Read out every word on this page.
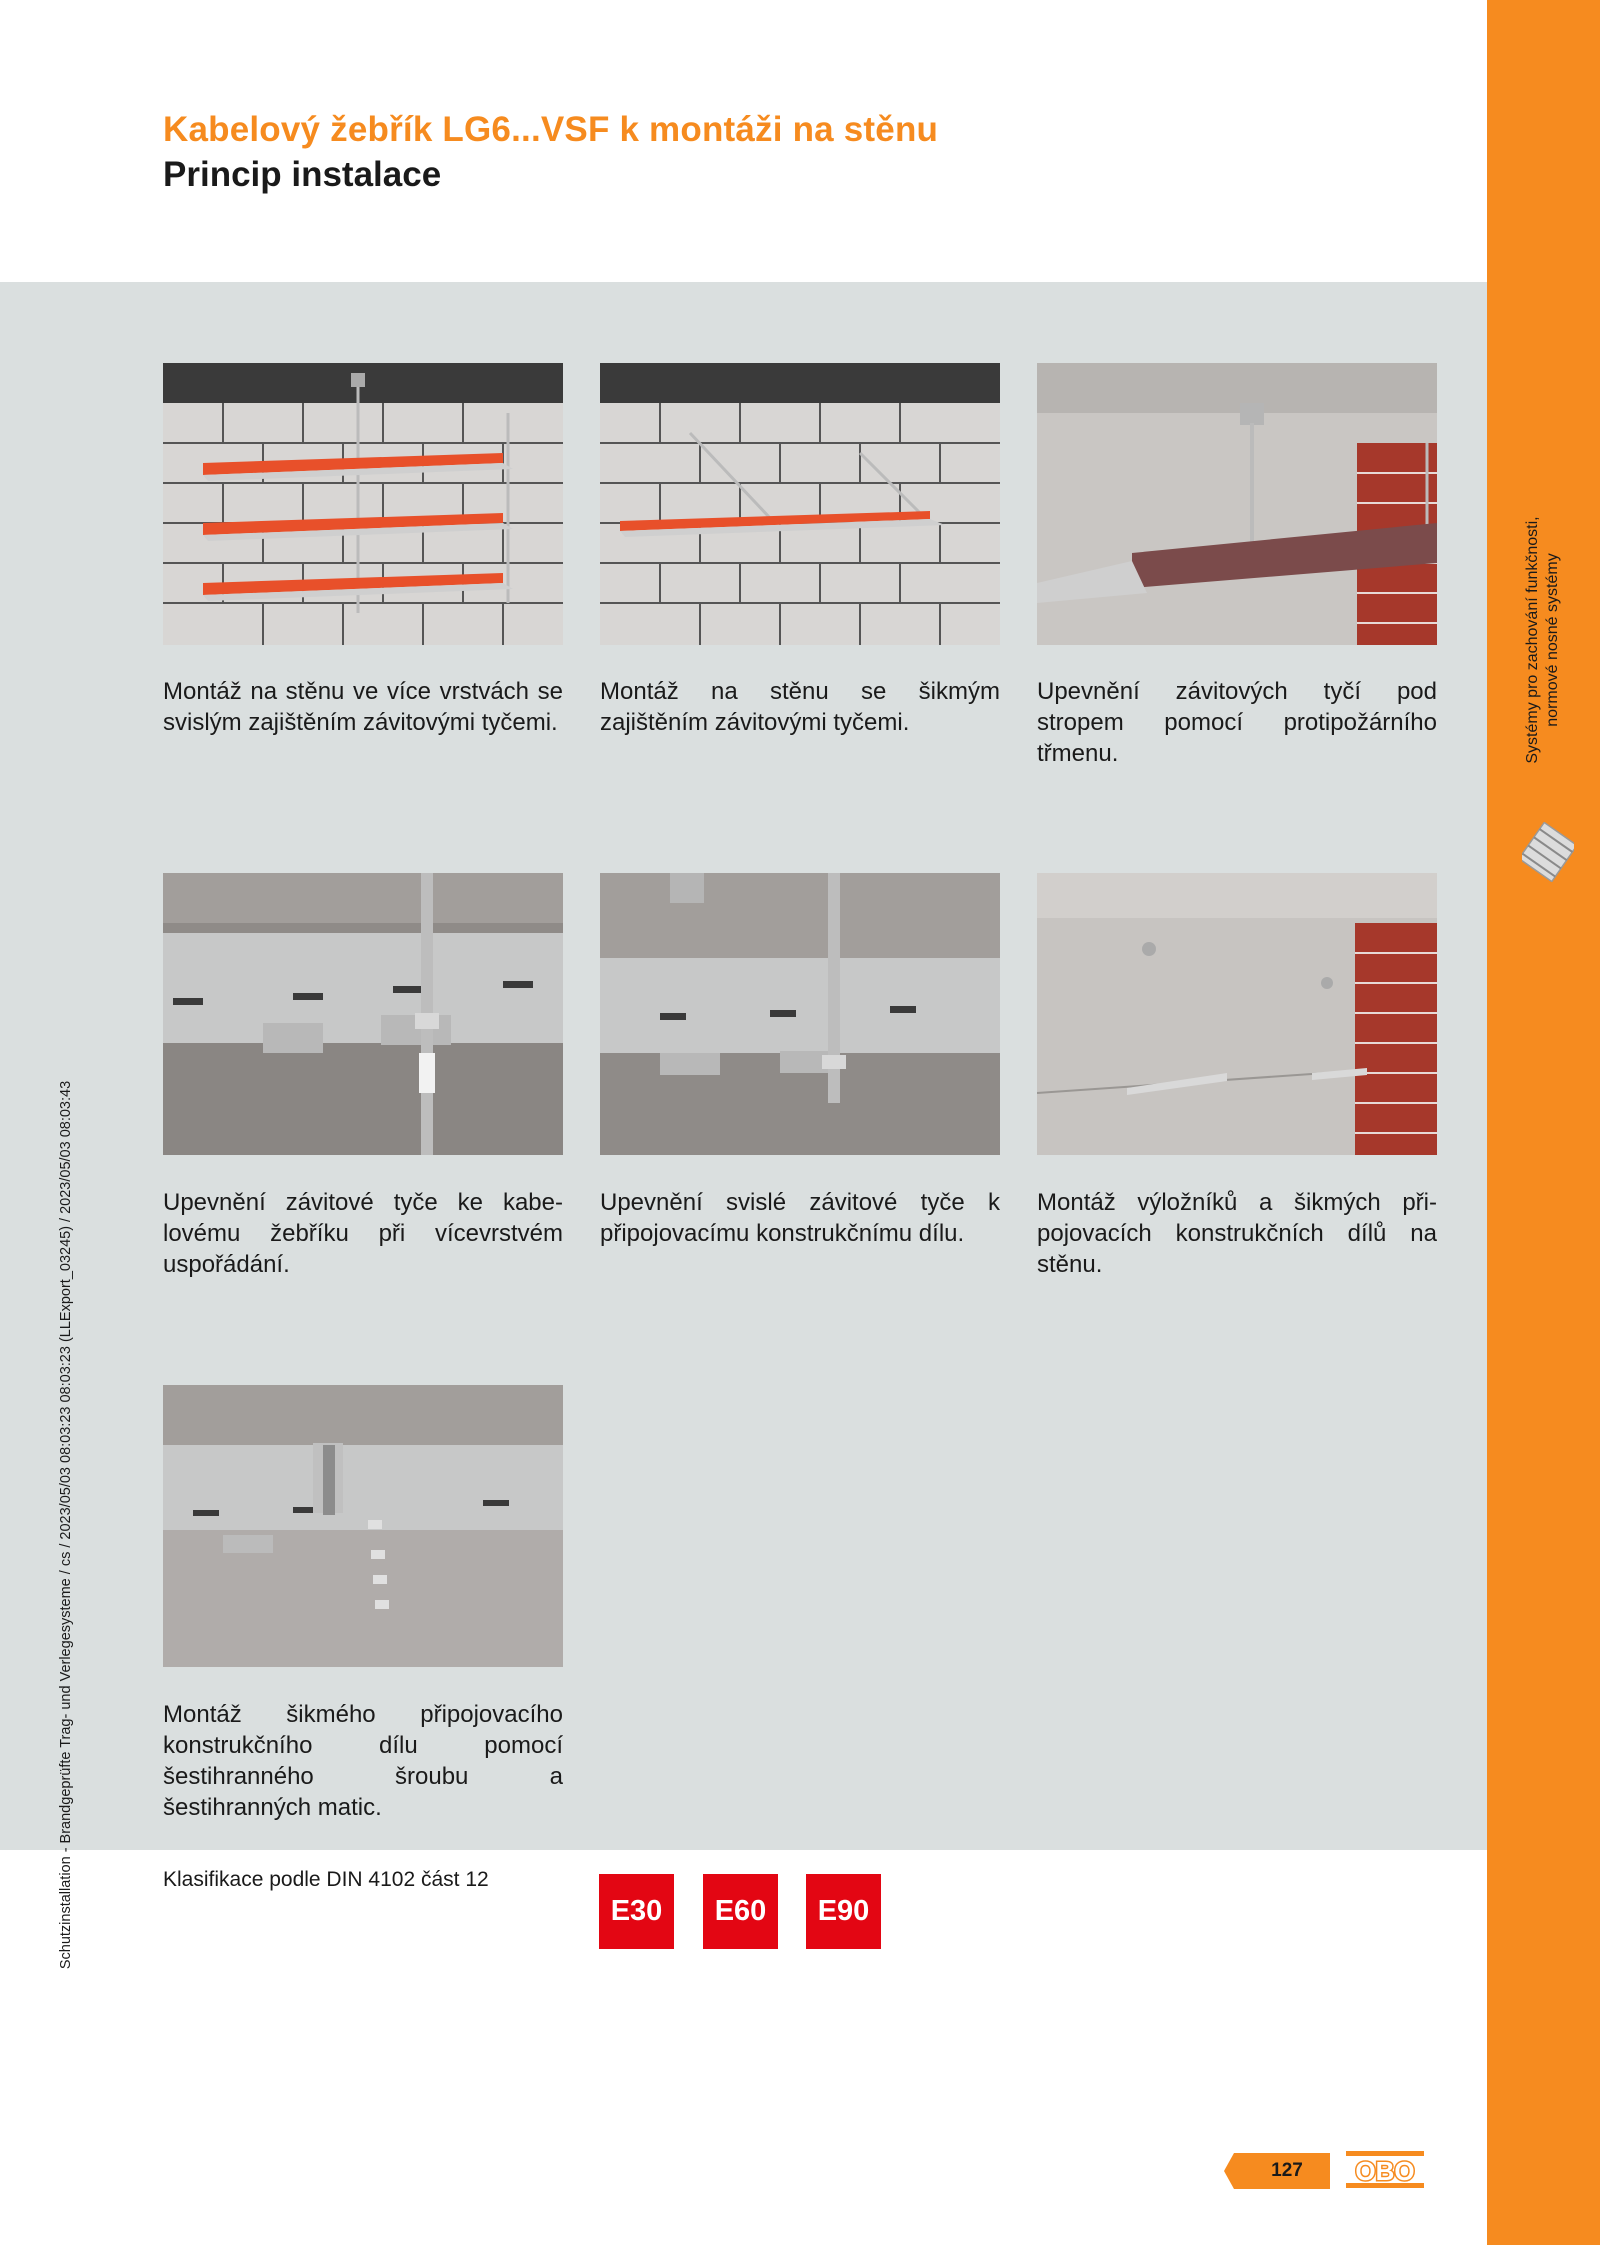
Kabelový žebřík LG6...VSF k montáži na stěnu
Princip instalace
Systémy pro zachování funkčnosti, normové nosné systémy
Montáž na stěnu ve více vrstvách se svislým zajištěním závitovými tyčemi.
Montáž na stěnu se šikmým zajištěním závitovými tyčemi.
Upevnění závitových tyčí pod stropem pomocí protipožárního třmenu.
Upevnění závitové tyče ke kabelovému žebříku při vícevrstvém uspořádání.
Upevnění svislé závitové tyče k připojovacímu konstrukčnímu dílu.
Montáž výložníků a šikmých připojovacích konstrukčních dílů na stěnu.
Montáž šikmého připojovacího konstrukčního dílu pomocí šestihranného šroubu a šestihranných matic.
Klasifikace podle DIN 4102 část 12
E30	E60	E90
Schutzinstallation - Brandgeprüfte Trag- und Verlegesysteme / cs / 2023/05/03 08:03:23 08:03:23 (LLExport_03245) / 2023/05/03 08:03:43
127	OBO
